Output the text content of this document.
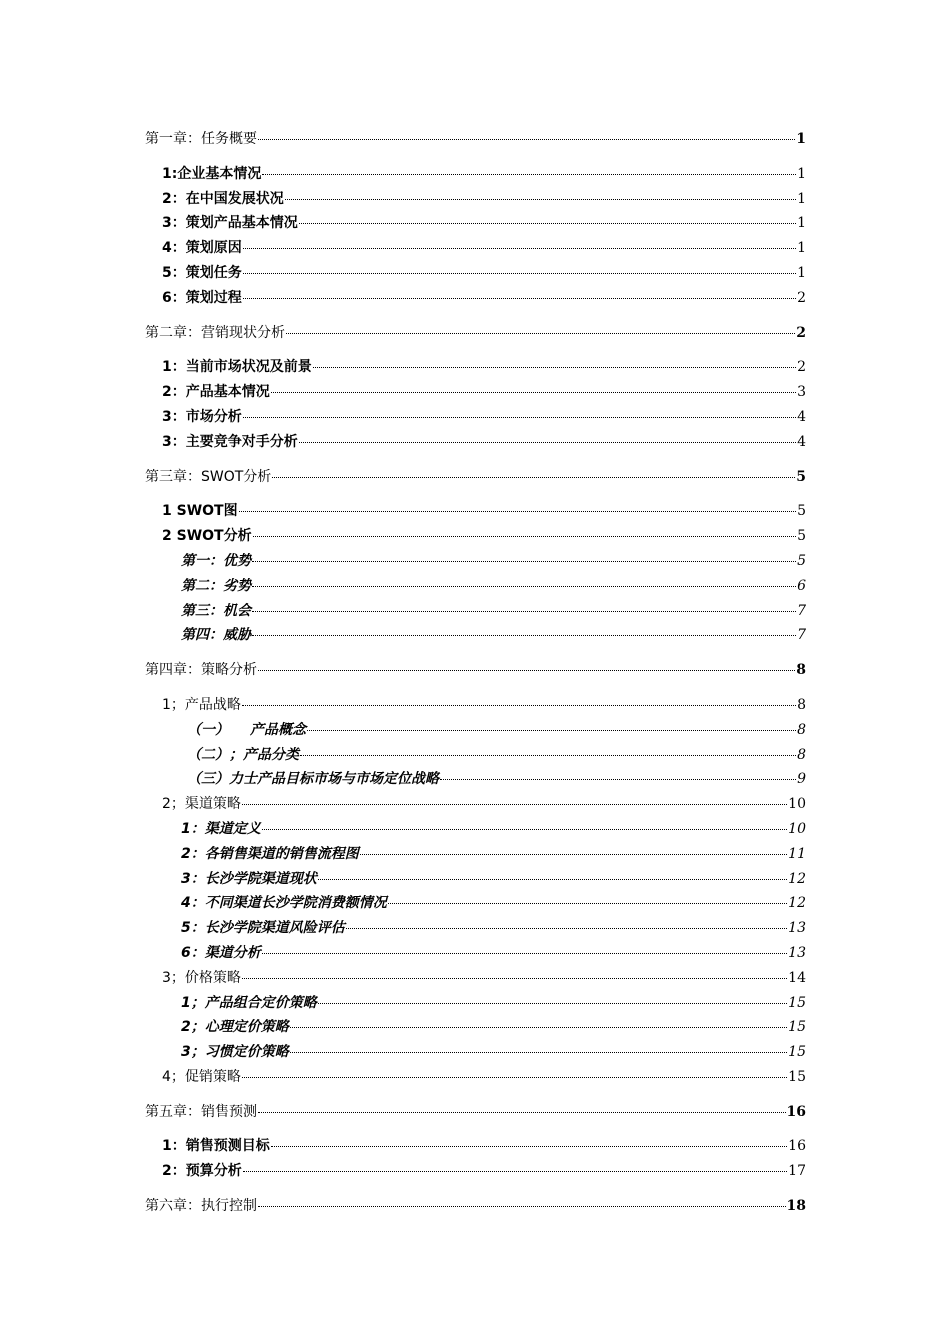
第一章：任务概要	1
1:企业基本情况	1
2：在中国发展状况	1
3：策划产品基本情况	1
4：策划原因	1
5：策划任务	1
6：策划过程	2
第二章：营销现状分析	2
1：当前市场状况及前景	2
2：产品基本情况	3
3：市场分析	4
3：主要竞争对手分析	4
第三章：SWOT分析	5
1 SWOT图	5
2 SWOT分析	5
第一：优势	5
第二：劣势	6
第三：机会	7
第四：威胁	7
第四章：策略分析	8
1；产品战略	8
（一）　　产品概念	8
（二）；产品分类	8
（三）力士产品目标市场与市场定位战略	9
2；渠道策略	10
1：渠道定义	10
2：各销售渠道的销售流程图	11
3：长沙学院渠道现状	12
4：不同渠道长沙学院消费额情况	12
5：长沙学院渠道风险评估	13
6：渠道分析	13
3；价格策略	14
1；产品组合定价策略	15
2；心理定价策略	15
3；习惯定价策略	15
4；促销策略	15
第五章：销售预测	16
1：销售预测目标	16
2：预算分析	17
第六章：执行控制	18
